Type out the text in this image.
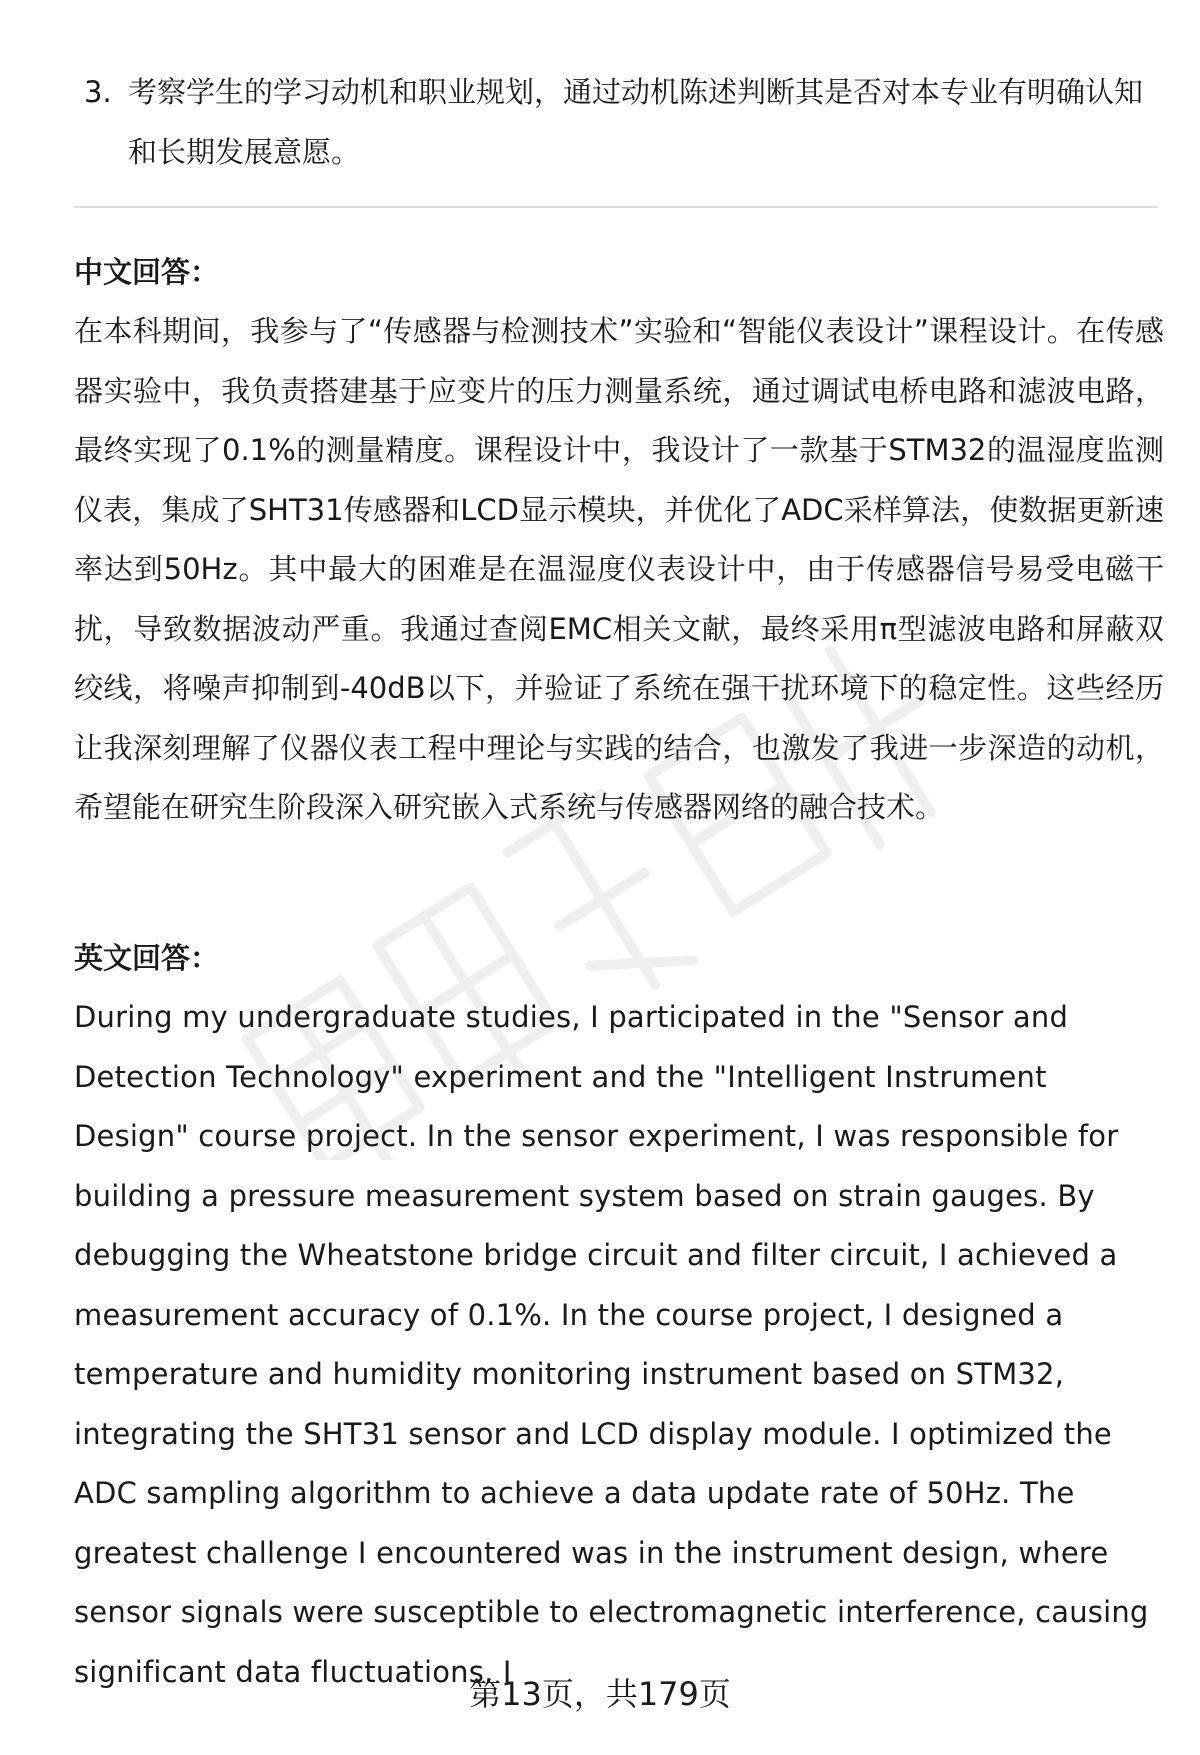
3. 考察学生的学习动机和职业规划，通过动机陈述判断其是否对本专业有明确认知和长期发展意愿。

中文回答：

在本科期间，我参与了“传感器与检测技术”实验和“智能仪表设计”课程设计。在传感器实验中，我负责搭建基于应变片的压力测量系统，通过调试电桥电路和滤波电路，最终实现了0.1%的测量精度。课程设计中，我设计了一款基于STM32的温湿度监测仪表，集成了SHT31传感器和LCD显示模块，并优化了ADC采样算法，使数据更新速率达到50Hz。其中最大的困难是在温湿度仪表设计中，由于传感器信号易受电磁干扰，导致数据波动严重。我通过查阅EMC相关文献，最终采用π型滤波电路和屏蔽双绞线，将噪声抑制到-40dB以下，并验证了系统在强干扰环境下的稳定性。这些经历让我深刻理解了仪器仪表工程中理论与实践的结合，也激发了我进一步深造的动机，希望能在研究生阶段深入研究嵌入式系统与传感器网络的融合技术。

英文回答：

During my undergraduate studies, I participated in the "Sensor and Detection Technology" experiment and the "Intelligent Instrument Design" course project. In the sensor experiment, I was responsible for building a pressure measurement system based on strain gauges. By debugging the Wheatstone bridge circuit and filter circuit, I achieved a measurement accuracy of 0.1%. In the course project, I designed a temperature and humidity monitoring instrument based on STM32, integrating the SHT31 sensor and LCD display module. I optimized the ADC sampling algorithm to achieve a data update rate of 50Hz. The greatest challenge I encountered was in the instrument design, where sensor signals were susceptible to electromagnetic interference, causing significant data fluctuations. I

第13页，共179页
